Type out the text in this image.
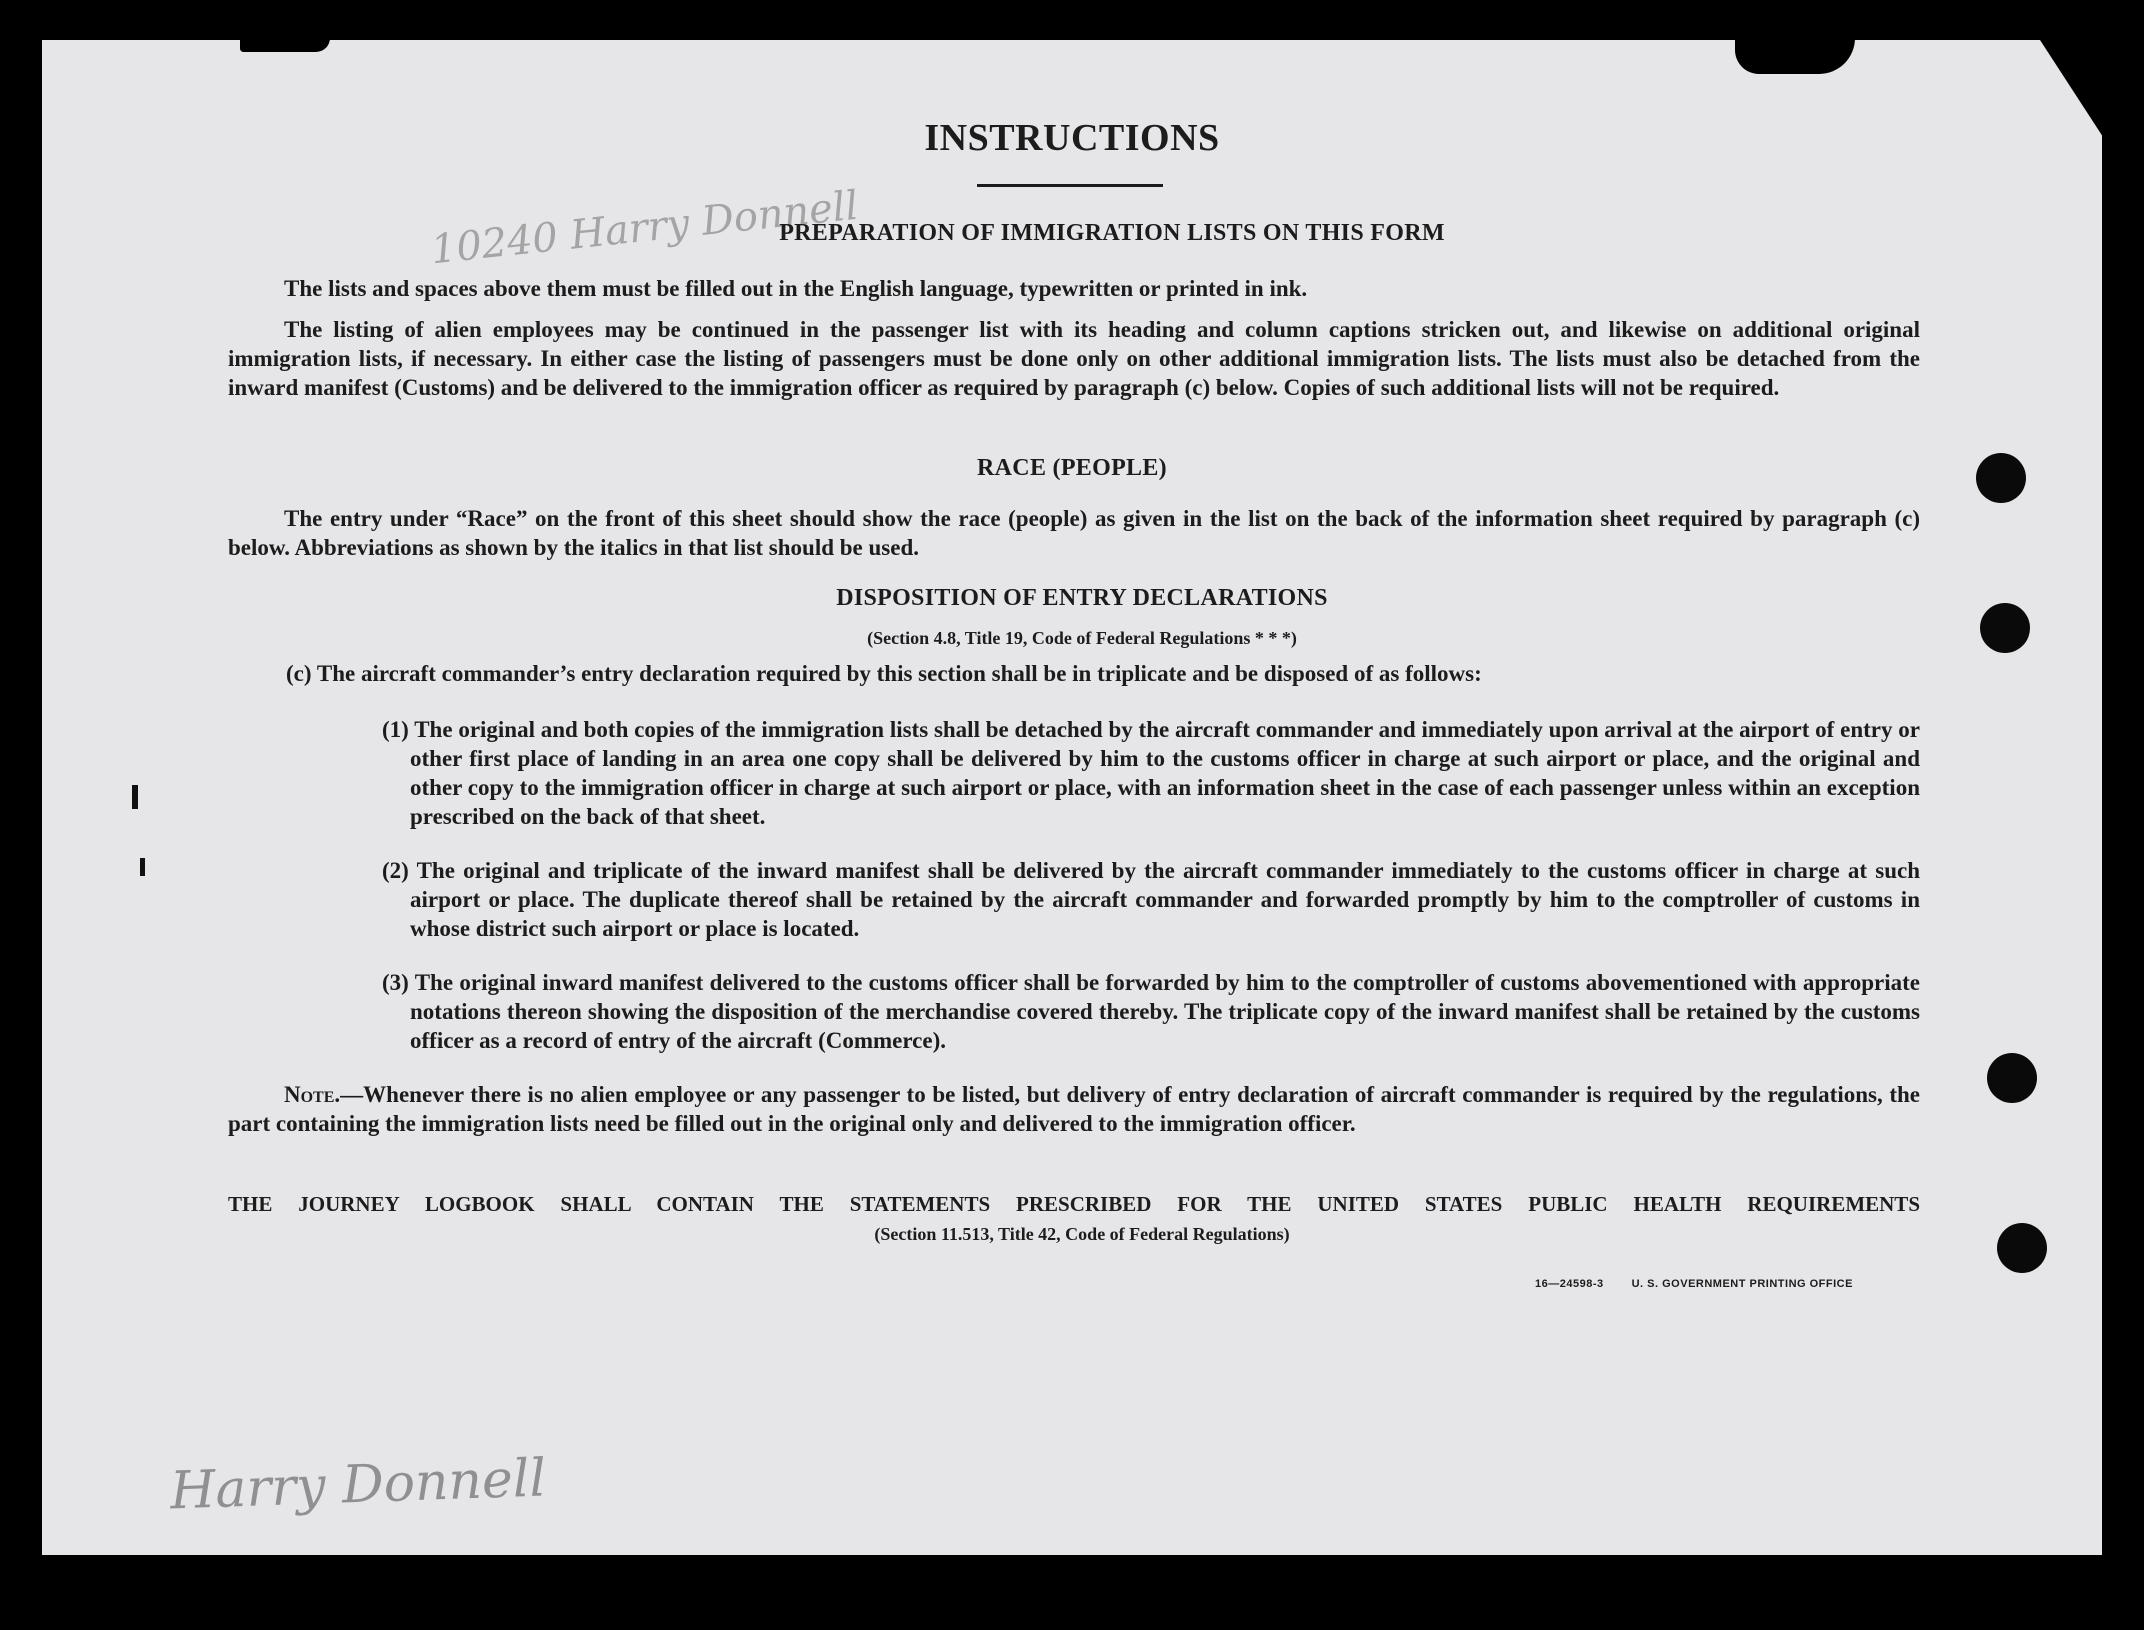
10240 Harry Donnell
INSTRUCTIONS
PREPARATION OF IMMIGRATION LISTS ON THIS FORM
The lists and spaces above them must be filled out in the English language, typewritten or printed in ink.
The listing of alien employees may be continued in the passenger list with its heading and column captions stricken out, and likewise on additional original immigration lists, if necessary. In either case the listing of passengers must be done only on other additional immigration lists. The lists must also be detached from the inward manifest (Customs) and be delivered to the immigration officer as required by paragraph (c) below. Copies of such additional lists will not be required.
RACE (PEOPLE)
The entry under “Race” on the front of this sheet should show the race (people) as given in the list on the back of the information sheet required by paragraph (c) below. Abbreviations as shown by the italics in that list should be used.
DISPOSITION OF ENTRY DECLARATIONS
(Section 4.8, Title 19, Code of Federal Regulations * * *)
(c) The aircraft commander’s entry declaration required by this section shall be in triplicate and be disposed of as follows:
(1) The original and both copies of the immigration lists shall be detached by the aircraft commander and immediately upon arrival at the airport of entry or other first place of landing in an area one copy shall be delivered by him to the customs officer in charge at such airport or place, and the original and other copy to the immigration officer in charge at such airport or place, with an information sheet in the case of each passenger unless within an exception prescribed on the back of that sheet.
(2) The original and triplicate of the inward manifest shall be delivered by the aircraft commander immediately to the customs officer in charge at such airport or place. The duplicate thereof shall be retained by the aircraft commander and forwarded promptly by him to the comptroller of customs in whose district such airport or place is located.
(3) The original inward manifest delivered to the customs officer shall be forwarded by him to the comptroller of customs abovementioned with appropriate notations thereon showing the disposition of the merchandise covered thereby. The triplicate copy of the inward manifest shall be retained by the customs officer as a record of entry of the aircraft (Commerce).
Note.—Whenever there is no alien employee or any passenger to be listed, but delivery of entry declaration of aircraft commander is required by the regulations, the part containing the immigration lists need be filled out in the original only and delivered to the immigration officer.
THE JOURNEY LOGBOOK SHALL CONTAIN THE STATEMENTS PRESCRIBED FOR THE UNITED STATES PUBLIC HEALTH REQUIREMENTS
(Section 11.513, Title 42, Code of Federal Regulations)
16—24598-3	U. S. GOVERNMENT PRINTING OFFICE
Harry Donnell
